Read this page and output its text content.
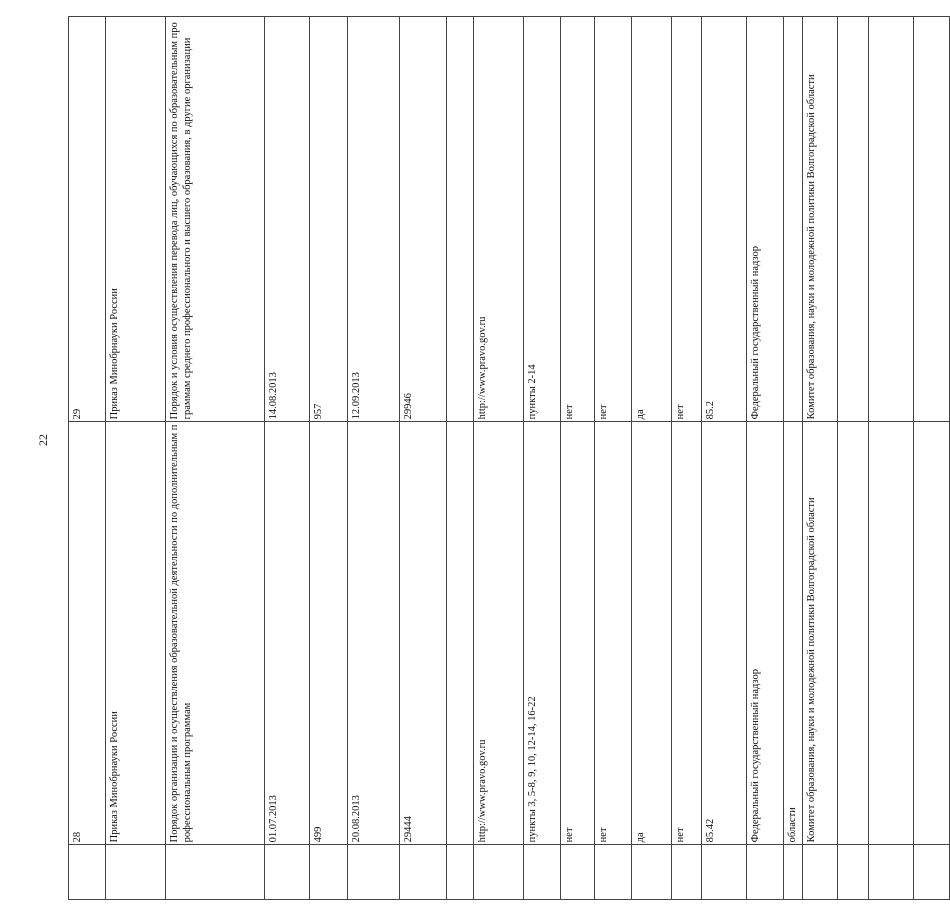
22
	28	29
	Приказ Минобрнауки России	Приказ Минобрнауки России
	Порядок организации и осуществления образовательной деятельности по дополнительным профессиональным программам	Порядок и условия осуществления перевода лиц, обучающихся по образовательным программам среднего профессионального и высшего образования, в другие организации
	01.07.2013	14.08.2013
	499	957
	20.08.2013	12.09.2013
	29444	29946

	http://www.pravo.gov.ru	http://www.pravo.gov.ru
	пункты 3, 5-8, 9, 10, 12-14, 16-22	пункты 2-14
	нет	нет
	нет	нет
	да	да
	нет	нет
	85.42	85.2
	Федеральный государственный надзор	Федеральный государственный надзор
	области	
	Комитет образования, науки и молодежной политики Волгоградской области	Комитет образования, науки и молодежной политики Волгоградской области
